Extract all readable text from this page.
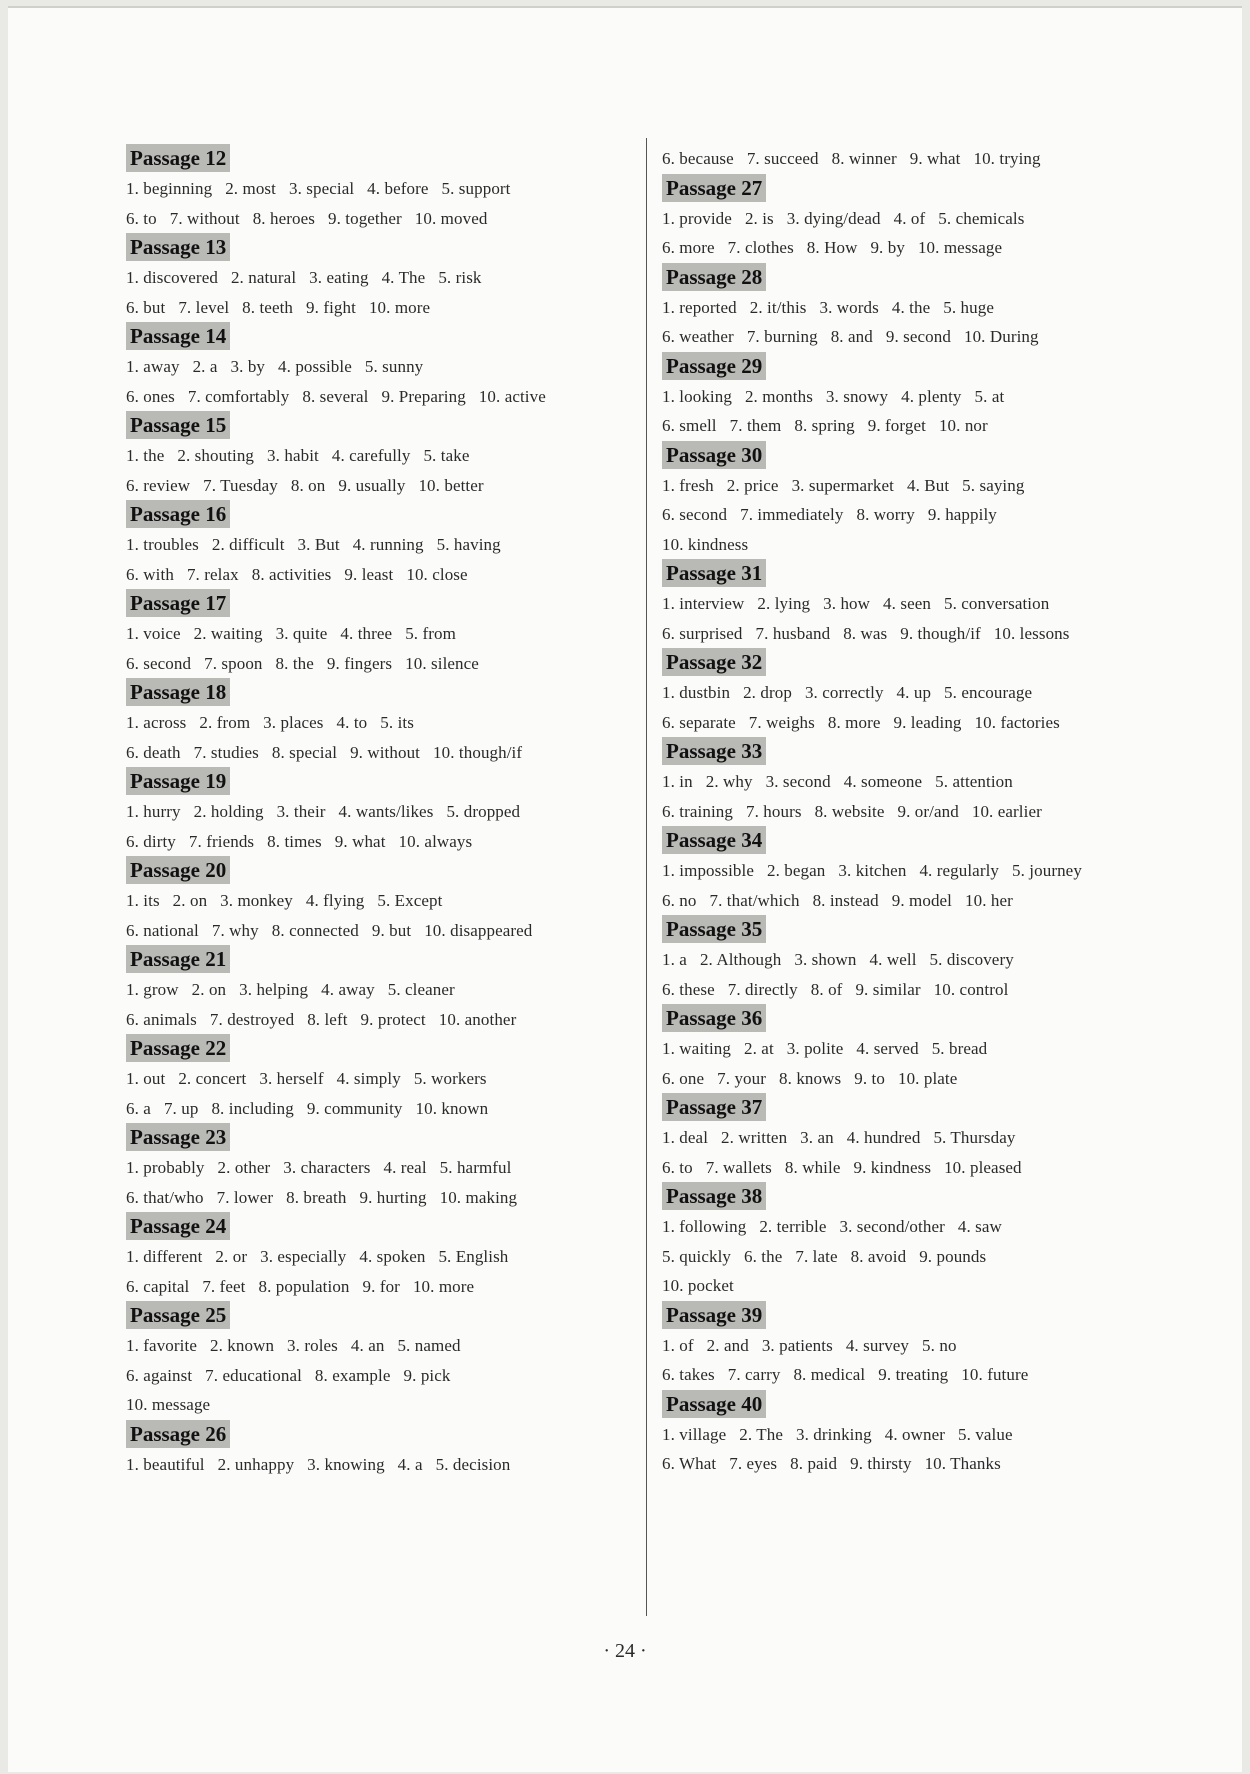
Passage 12
1. beginning 2. most 3. special 4. before 5. support
6. to 7. without 8. heroes 9. together 10. moved
Passage 13
1. discovered 2. natural 3. eating 4. The 5. risk
6. but 7. level 8. teeth 9. fight 10. more
Passage 14
1. away 2. a 3. by 4. possible 5. sunny
6. ones 7. comfortably 8. several 9. Preparing 10. active
Passage 15
1. the 2. shouting 3. habit 4. carefully 5. take
6. review 7. Tuesday 8. on 9. usually 10. better
Passage 16
1. troubles 2. difficult 3. But 4. running 5. having
6. with 7. relax 8. activities 9. least 10. close
Passage 17
1. voice 2. waiting 3. quite 4. three 5. from
6. second 7. spoon 8. the 9. fingers 10. silence
Passage 18
1. across 2. from 3. places 4. to 5. its
6. death 7. studies 8. special 9. without 10. though/if
Passage 19
1. hurry 2. holding 3. their 4. wants/likes 5. dropped
6. dirty 7. friends 8. times 9. what 10. always
Passage 20
1. its 2. on 3. monkey 4. flying 5. Except
6. national 7. why 8. connected 9. but 10. disappeared
Passage 21
1. grow 2. on 3. helping 4. away 5. cleaner
6. animals 7. destroyed 8. left 9. protect 10. another
Passage 22
1. out 2. concert 3. herself 4. simply 5. workers
6. a 7. up 8. including 9. community 10. known
Passage 23
1. probably 2. other 3. characters 4. real 5. harmful
6. that/who 7. lower 8. breath 9. hurting 10. making
Passage 24
1. different 2. or 3. especially 4. spoken 5. English
6. capital 7. feet 8. population 9. for 10. more
Passage 25
1. favorite 2. known 3. roles 4. an 5. named
6. against 7. educational 8. example 9. pick
10. message
Passage 26
1. beautiful 2. unhappy 3. knowing 4. a 5. decision
6. because 7. succeed 8. winner 9. what 10. trying
Passage 27
1. provide 2. is 3. dying/dead 4. of 5. chemicals
6. more 7. clothes 8. How 9. by 10. message
Passage 28
1. reported 2. it/this 3. words 4. the 5. huge
6. weather 7. burning 8. and 9. second 10. During
Passage 29
1. looking 2. months 3. snowy 4. plenty 5. at
6. smell 7. them 8. spring 9. forget 10. nor
Passage 30
1. fresh 2. price 3. supermarket 4. But 5. saying
6. second 7. immediately 8. worry 9. happily
10. kindness
Passage 31
1. interview 2. lying 3. how 4. seen 5. conversation
6. surprised 7. husband 8. was 9. though/if 10. lessons
Passage 32
1. dustbin 2. drop 3. correctly 4. up 5. encourage
6. separate 7. weighs 8. more 9. leading 10. factories
Passage 33
1. in 2. why 3. second 4. someone 5. attention
6. training 7. hours 8. website 9. or/and 10. earlier
Passage 34
1. impossible 2. began 3. kitchen 4. regularly 5. journey
6. no 7. that/which 8. instead 9. model 10. her
Passage 35
1. a 2. Although 3. shown 4. well 5. discovery
6. these 7. directly 8. of 9. similar 10. control
Passage 36
1. waiting 2. at 3. polite 4. served 5. bread
6. one 7. your 8. knows 9. to 10. plate
Passage 37
1. deal 2. written 3. an 4. hundred 5. Thursday
6. to 7. wallets 8. while 9. kindness 10. pleased
Passage 38
1. following 2. terrible 3. second/other 4. saw
5. quickly 6. the 7. late 8. avoid 9. pounds
10. pocket
Passage 39
1. of 2. and 3. patients 4. survey 5. no
6. takes 7. carry 8. medical 9. treating 10. future
Passage 40
1. village 2. The 3. drinking 4. owner 5. value
6. What 7. eyes 8. paid 9. thirsty 10. Thanks
· 24 ·
